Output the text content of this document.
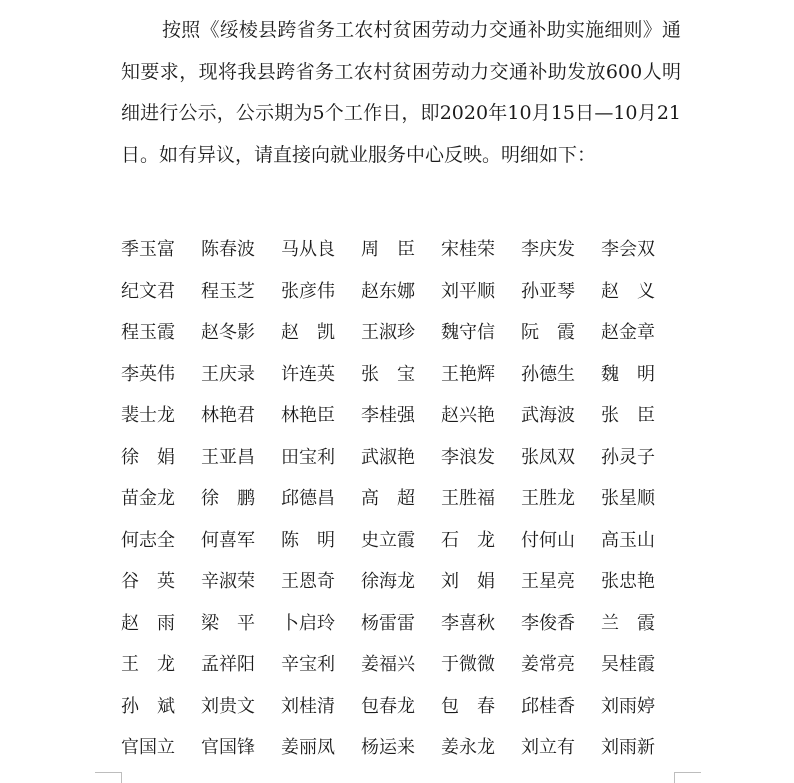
按照《绥棱县跨省务工农村贫困劳动力交通补助实施细则》通知要求，现将我县跨省务工农村贫困劳动力交通补助发放600人明细进行公示，公示期为5个工作日，即2020年10月15日—10月21日。如有异议，请直接向就业服务中心反映。明细如下：

季玉富	陈春波	马从良	周　臣	宋桂荣	李庆发	李会双
纪文君	程玉芝	张彦伟	赵东娜	刘平顺	孙亚琴	赵　义
程玉霞	赵冬影	赵　凯	王淑珍	魏守信	阮　霞	赵金章
李英伟	王庆录	许连英	张　宝	王艳辉	孙德生	魏　明
裴士龙	林艳君	林艳臣	李桂强	赵兴艳	武海波	张　臣
徐　娟	王亚昌	田宝利	武淑艳	李浪发	张凤双	孙灵子
苗金龙	徐　鹏	邱德昌	高　超	王胜福	王胜龙	张星顺
何志全	何喜军	陈　明	史立霞	石　龙	付何山	高玉山
谷　英	辛淑荣	王恩奇	徐海龙	刘　娟	王星亮	张忠艳
赵　雨	梁　平	卜启玲	杨雷雷	李喜秋	李俊香	兰　霞
王　龙	孟祥阳	辛宝利	姜福兴	于微微	姜常亮	吴桂霞
孙　斌	刘贵文	刘桂清	包春龙	包　春	邱桂香	刘雨婷
官国立	官国锋	姜丽凤	杨运来	姜永龙	刘立有	刘雨新
